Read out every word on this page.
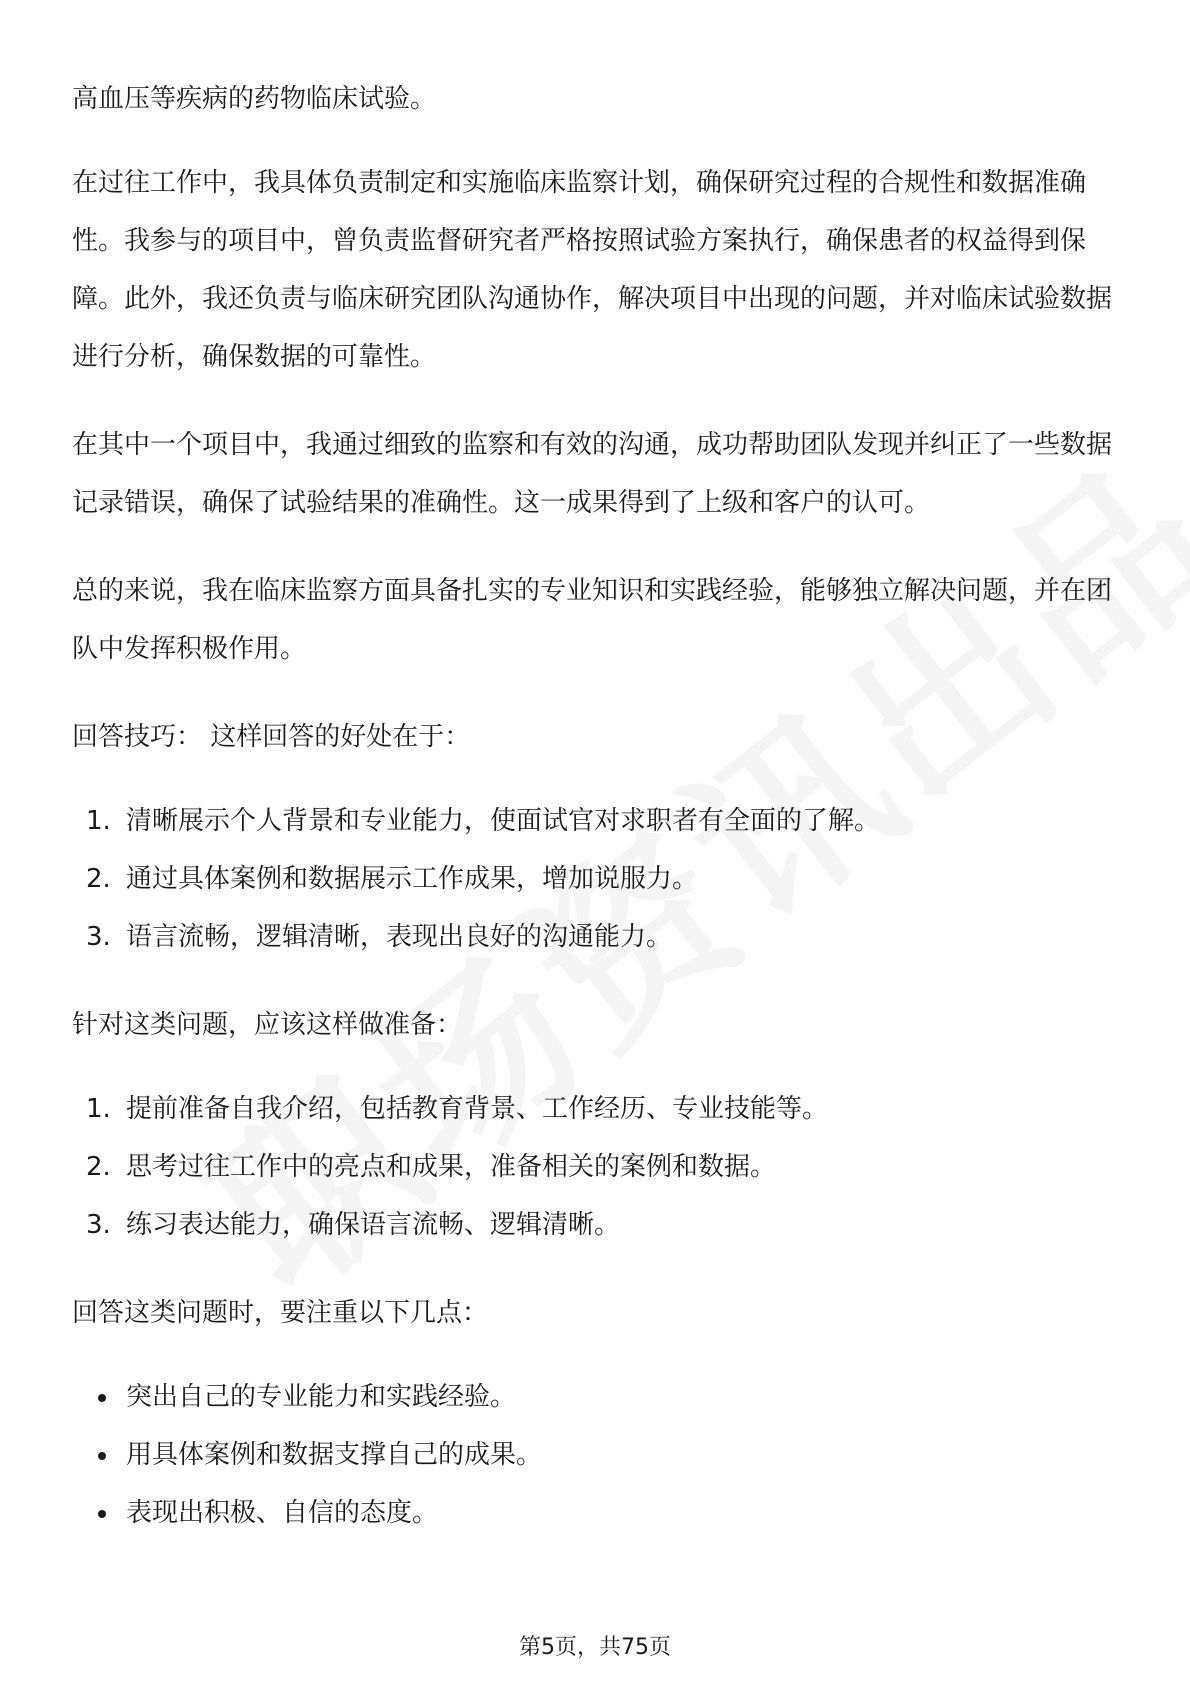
高血压等疾病的药物临床试验。

在过往工作中，我具体负责制定和实施临床监察计划，确保研究过程的合规性和数据准确性。我参与的项目中，曾负责监督研究者严格按照试验方案执行，确保患者的权益得到保障。此外，我还负责与临床研究团队沟通协作，解决项目中出现的问题，并对临床试验数据进行分析，确保数据的可靠性。

在其中一个项目中，我通过细致的监察和有效的沟通，成功帮助团队发现并纠正了一些数据记录错误，确保了试验结果的准确性。这一成果得到了上级和客户的认可。

总的来说，我在临床监察方面具备扎实的专业知识和实践经验，能够独立解决问题，并在团队中发挥积极作用。

回答技巧： 这样回答的好处在于：

1. 清晰展示个人背景和专业能力，使面试官对求职者有全面的了解。
2. 通过具体案例和数据展示工作成果，增加说服力。
3. 语言流畅，逻辑清晰，表现出良好的沟通能力。

针对这类问题，应该这样做准备：

1. 提前准备自我介绍，包括教育背景、工作经历、专业技能等。
2. 思考过往工作中的亮点和成果，准备相关的案例和数据。
3. 练习表达能力，确保语言流畅、逻辑清晰。

回答这类问题时，要注重以下几点：

突出自己的专业能力和实践经验。
用具体案例和数据支撑自己的成果。
表现出积极、自信的态度。
第5页，共75页
